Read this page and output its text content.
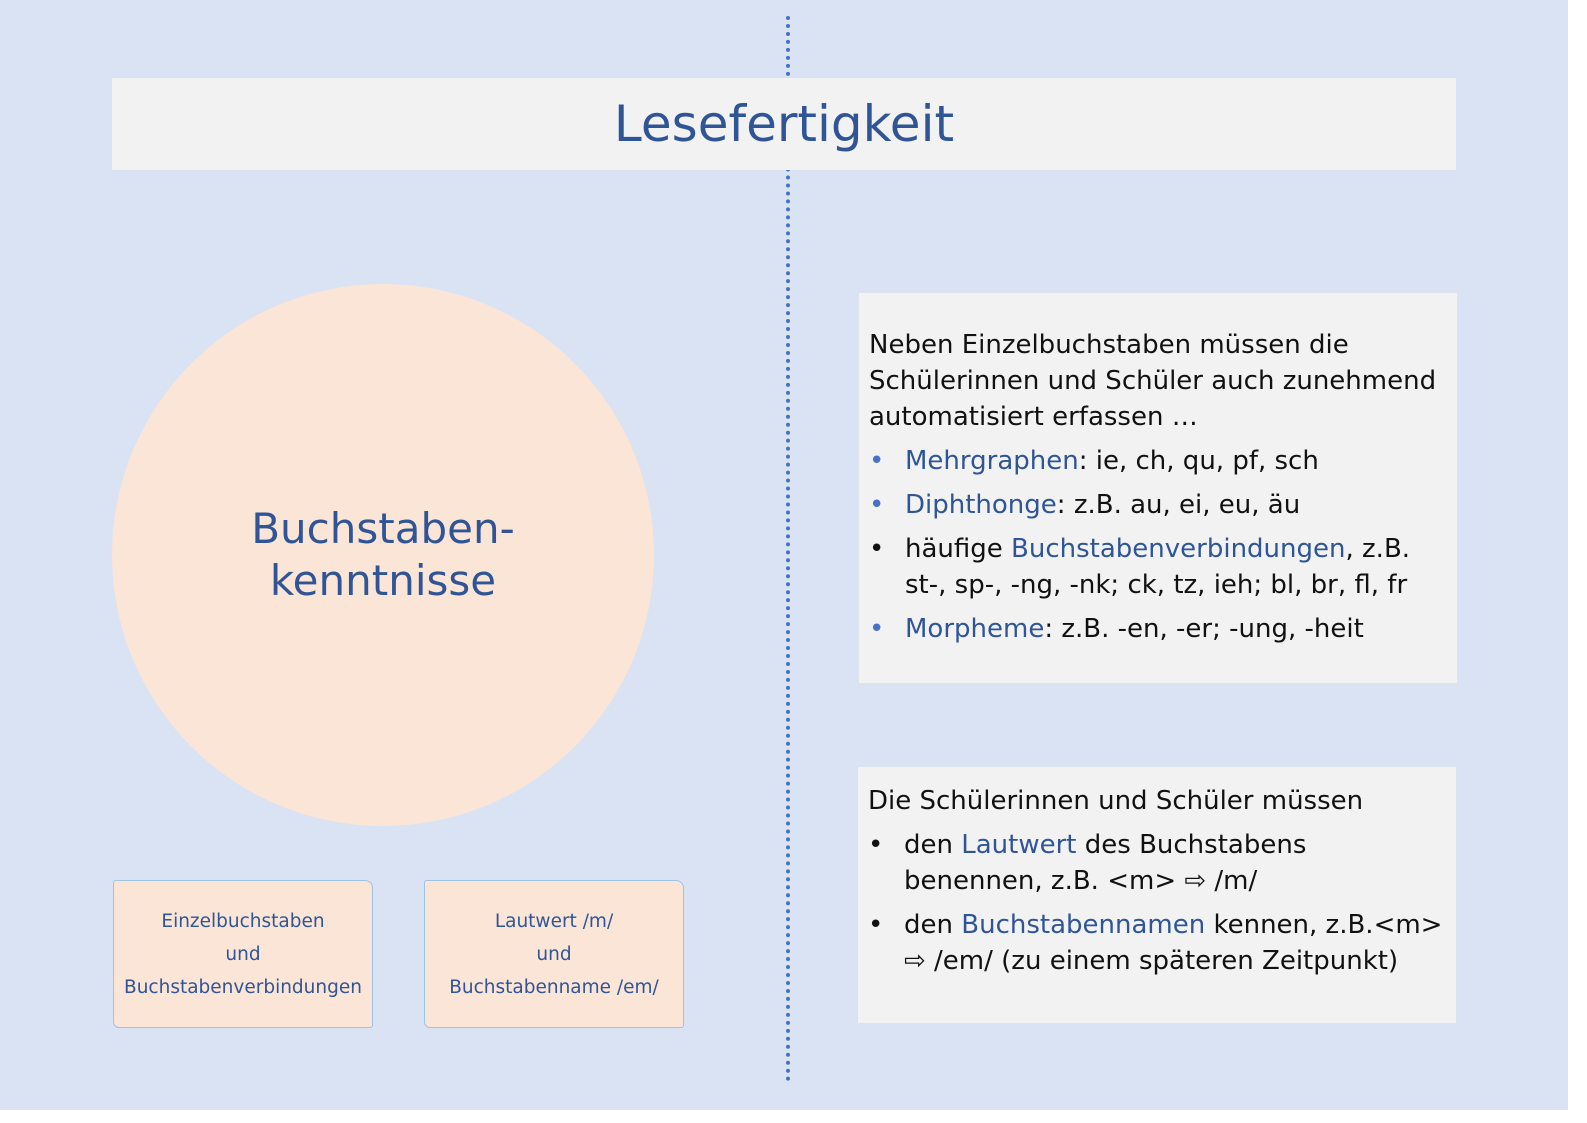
Lesefertigkeit
Buchstaben-
kenntnisse
Einzelbuchstaben
und
Buchstabenverbindungen
Lautwert /m/
und
Buchstabenname /em/

Neben Einzelbuchstaben müssen die Schülerinnen und Schüler auch zunehmend automatisiert erfassen …

• Mehrgraphen: ie, ch, qu, pf, sch
• Diphthonge: z.B. au, ei, eu, äu
• häufige Buchstabenverbindungen, z.B. st-, sp-, -ng, -nk; ck, tz, ieh; bl, br, fl, fr
• Morpheme: z.B. -en, -er; -ung, -heit

Die Schülerinnen und Schüler müssen

• den Lautwert des Buchstabens benennen, z.B. <m> ⇨ /m/
• den Buchstabennamen kennen, z.B.<m> ⇨ /em/ (zu einem späteren Zeitpunkt)
